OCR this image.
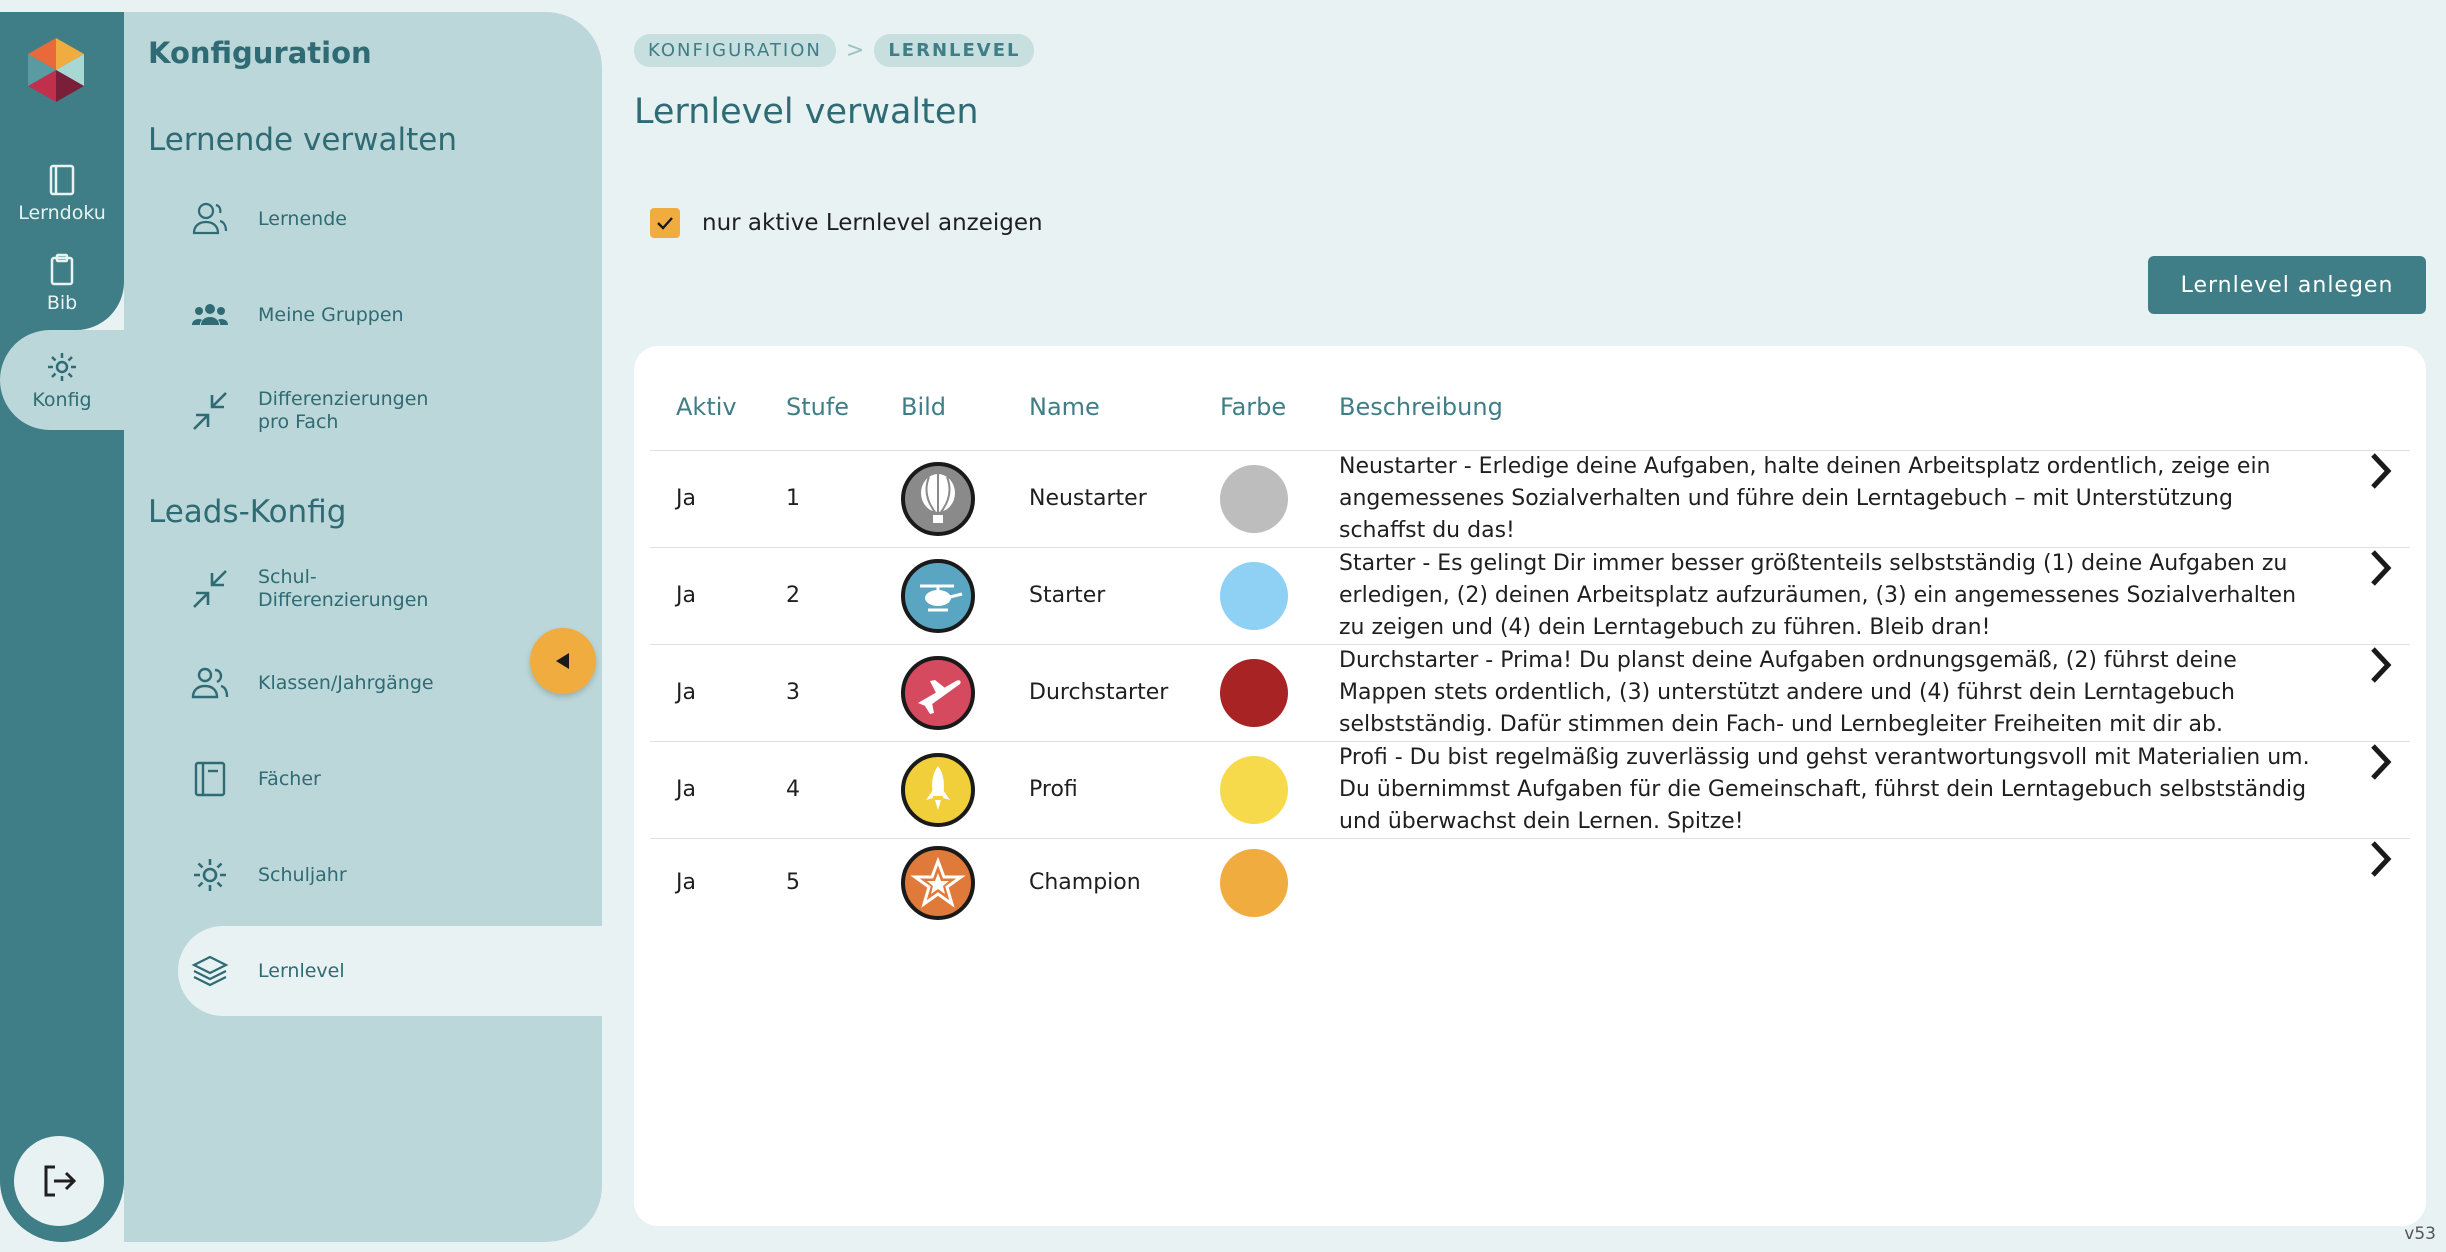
Lerndoku
Bib
Konfig
Konfiguration
Lernende verwalten
Lernende
Meine Gruppen
Differenzierungen pro Fach
Leads-Konfig
Schul-Differenzierungen
Klassen/Jahrgänge
Fächer
Schuljahr
Lernlevel
KONFIGURATION	>	LERNLEVEL
Lernlevel verwalten
nur aktive Lernlevel anzeigen
Lernlevel anlegen
Aktiv	Stufe	Bild	Name	Farbe	Beschreibung	
Ja	1		Neustarter		Neustarter - Erledige deine Aufgaben, halte deinen Arbeitsplatz ordentlich, zeige ein angemessenes Sozialverhalten und führe dein Lerntagebuch – mit Unterstützung schaffst du das!	

Ja	2		Starter		Starter - Es gelingt Dir immer besser größtenteils selbstständig (1) deine Aufgaben zu erledigen, (2) deinen Arbeitsplatz aufzuräumen, (3) ein angemessenes Sozialverhalten zu zeigen und (4) dein Lerntagebuch zu führen. Bleib dran!	

Ja	3		Durchstarter		Durchstarter - Prima! Du planst deine Aufgaben ordnungsgemäß, (2) führst deine Mappen stets ordentlich, (3) unterstützt andere und (4) führst dein Lerntagebuch selbstständig. Dafür stimmen dein Fach- und Lernbegleiter Freiheiten mit dir ab.	

Ja	4		Profi		Profi - Du bist regelmäßig zuverlässig und gehst verantwortungsvoll mit Materialien um. Du übernimmst Aufgaben für die Gemeinschaft, führst dein Lerntagebuch selbstständig und überwachst dein Lernen. Spitze!	

Ja	5		Champion	

v53
